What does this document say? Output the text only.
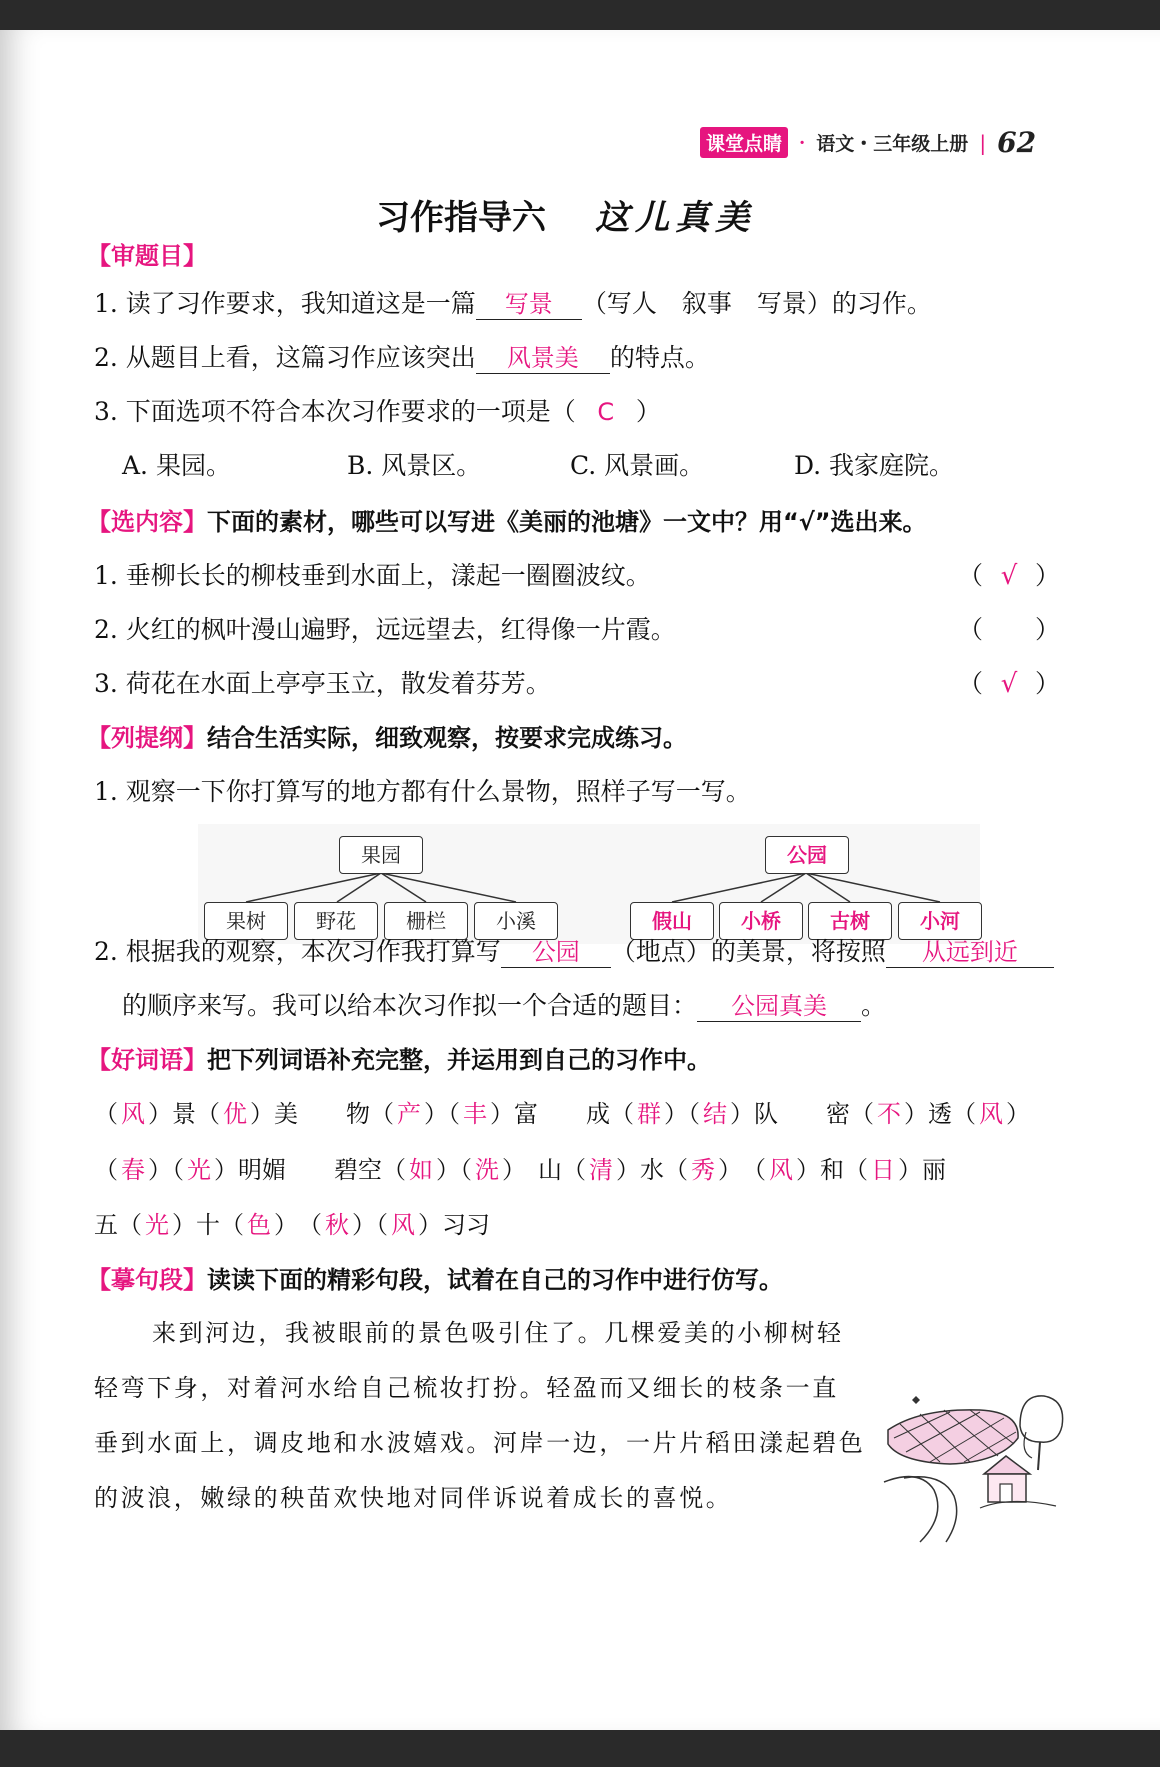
课堂点睛 ・ 语文・三年级上册 | 62
习作指导六 这儿真美
【审题目】
1. 读了习作要求，我知道这是一篇 写景 （写人　叙事　写景）的习作。
2. 从题目上看，这篇习作应该突出 风景美 的特点。
3. 下面选项不符合本次习作要求的一项是（ C ）
A. 果园。	B. 风景区。	C. 风景画。	D. 我家庭院。
【选内容】下面的素材，哪些可以写进《美丽的池塘》一文中？用“√”选出来。
1. 垂柳长长的柳枝垂到水面上，漾起一圈圈波纹。	（ √ ）
2. 火红的枫叶漫山遍野，远远望去，红得像一片霞。	（ ）
3. 荷花在水面上亭亭玉立，散发着芬芳。	（ √ ）
【列提纲】结合生活实际，细致观察，按要求完成练习。
1. 观察一下你打算写的地方都有什么景物，照样子写一写。
果园
果树	野花	栅栏	小溪
公园
假山	小桥	古树	小河
2. 根据我的观察，本次习作我打算写 公园 （地点）的美景，将按照 从远到近
的顺序来写。我可以给本次习作拟一个合适的题目： 公园真美 。
【好词语】把下列词语补充完整，并运用到自己的习作中。
（ 风 ）景（ 优 ）美　　物（ 产 ）（ 丰 ）富　　成（ 群 ）（ 结 ）队　　密（ 不 ）透（ 风 ）
（ 春 ）（ 光 ）明媚　　碧空（ 如 ）（ 洗 ）　山（ 清 ）水（ 秀 ）　（ 风 ）和（ 日 ）丽
五（ 光 ）十（ 色 ）　（ 秋 ）（ 风 ）习习
【摹句段】读读下面的精彩句段，试着在自己的习作中进行仿写。
来到河边，我被眼前的景色吸引住了。几棵爱美的小柳树轻
轻弯下身，对着河水给自己梳妆打扮。轻盈而又细长的枝条一直
垂到水面上，调皮地和水波嬉戏。河岸一边，一片片稻田漾起碧色
的波浪，嫩绿的秧苗欢快地对同伴诉说着成长的喜悦。
